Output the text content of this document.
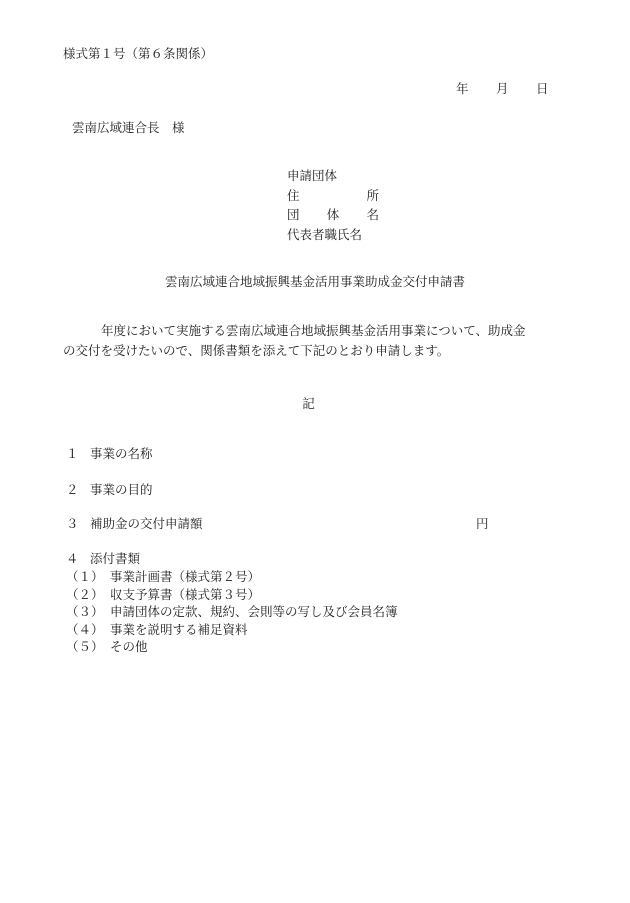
様式第１号（第６条関係）
年 月 日
雲南広域連合長　様
申請団体
住	所
団 体 名
代表者職氏名
雲南広域連合地域振興基金活用事業助成金交付申請書
年度において実施する雲南広域連合地域振興基金活用事業について、助成金
の交付を受けたいので、関係書類を添えて下記のとおり申請します。
記
１ 事業の名称
２ 事業の目的
３ 補助金の交付申請額	円
４ 添付書類
（１） 事業計画書（様式第２号）
（２） 収支予算書（様式第３号）
（３） 申請団体の定款、規約、会則等の写し及び会員名簿
（４） 事業を説明する補足資料
（５） その他
